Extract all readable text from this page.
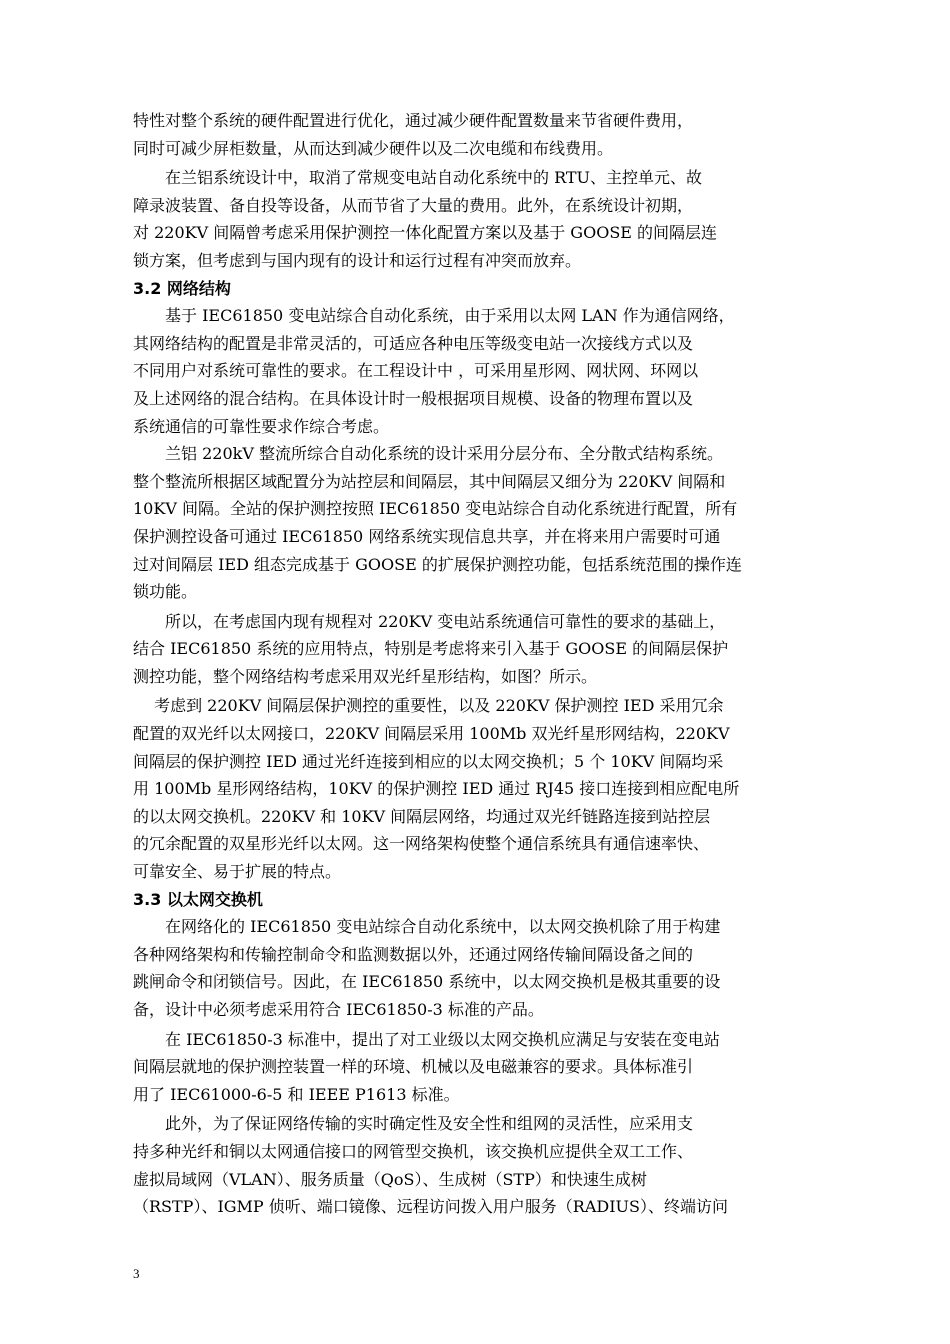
特性对整个系统的硬件配置进行优化，通过减少硬件配置数量来节省硬件费用，
同时可减少屏柜数量，从而达到减少硬件以及二次电缆和布线费用。
　　在兰铝系统设计中，取消了常规变电站自动化系统中的 RTU、主控单元、故
障录波装置、备自投等设备，从而节省了大量的费用。此外，在系统设计初期，
对 220KV 间隔曾考虑采用保护测控一体化配置方案以及基于 GOOSE 的间隔层连
锁方案，但考虑到与国内现有的设计和运行过程有冲突而放弃。
3.2 网络结构
　　基于 IEC61850 变电站综合自动化系统，由于采用以太网 LAN 作为通信网络，
其网络结构的配置是非常灵活的，可适应各种电压等级变电站一次接线方式以及
不同用户对系统可靠性的要求。在工程设计中 ，可采用星形网、网状网、环网以
及上述网络的混合结构。在具体设计时一般根据项目规模、设备的物理布置以及
系统通信的可靠性要求作综合考虑。
　　兰铝 220kV 整流所综合自动化系统的设计采用分层分布、全分散式结构系统。
整个整流所根据区域配置分为站控层和间隔层，其中间隔层又细分为 220KV 间隔和
10KV 间隔。全站的保护测控按照 IEC61850 变电站综合自动化系统进行配置，所有
保护测控设备可通过 IEC61850 网络系统实现信息共享，并在将来用户需要时可通
过对间隔层 IED 组态完成基于 GOOSE 的扩展保护测控功能，包括系统范围的操作连
锁功能。
　　所以，在考虑国内现有规程对 220KV 变电站系统通信可靠性的要求的基础上，
结合 IEC61850 系统的应用特点，特别是考虑将来引入基于 GOOSE 的间隔层保护
测控功能，整个网络结构考虑采用双光纤星形结构，如图？所示。
　 考虑到 220KV 间隔层保护测控的重要性，以及 220KV 保护测控 IED 采用冗余
配置的双光纤以太网接口，220KV 间隔层采用 100Mb 双光纤星形网结构，220KV
间隔层的保护测控 IED 通过光纤连接到相应的以太网交换机；5 个 10KV 间隔均采
用 100Mb 星形网络结构，10KV 的保护测控 IED 通过 RJ45 接口连接到相应配电所
的以太网交换机。220KV 和 10KV 间隔层网络，均通过双光纤链路连接到站控层
的冗余配置的双星形光纤以太网。这一网络架构使整个通信系统具有通信速率快、
可靠安全、易于扩展的特点。
3.3 以太网交换机
　　在网络化的 IEC61850 变电站综合自动化系统中，以太网交换机除了用于构建
各种网络架构和传输控制命令和监测数据以外，还通过网络传输间隔设备之间的
跳闸命令和闭锁信号。因此，在 IEC61850 系统中，以太网交换机是极其重要的设
备，设计中必须考虑采用符合 IEC61850-3 标准的产品。
　　在 IEC61850-3 标准中，提出了对工业级以太网交换机应满足与安装在变电站
间隔层就地的保护测控装置一样的环境、机械以及电磁兼容的要求。具体标准引
用了 IEC61000-6-5 和 IEEE P1613 标准。
　　此外，为了保证网络传输的实时确定性及安全性和组网的灵活性，应采用支
持多种光纤和铜以太网通信接口的网管型交换机，该交换机应提供全双工工作、
虚拟局域网（VLAN）、服务质量（QoS）、生成树（STP）和快速生成树
（RSTP）、IGMP 侦听、端口镜像、远程访问拨入用户服务（RADIUS）、终端访问
3
